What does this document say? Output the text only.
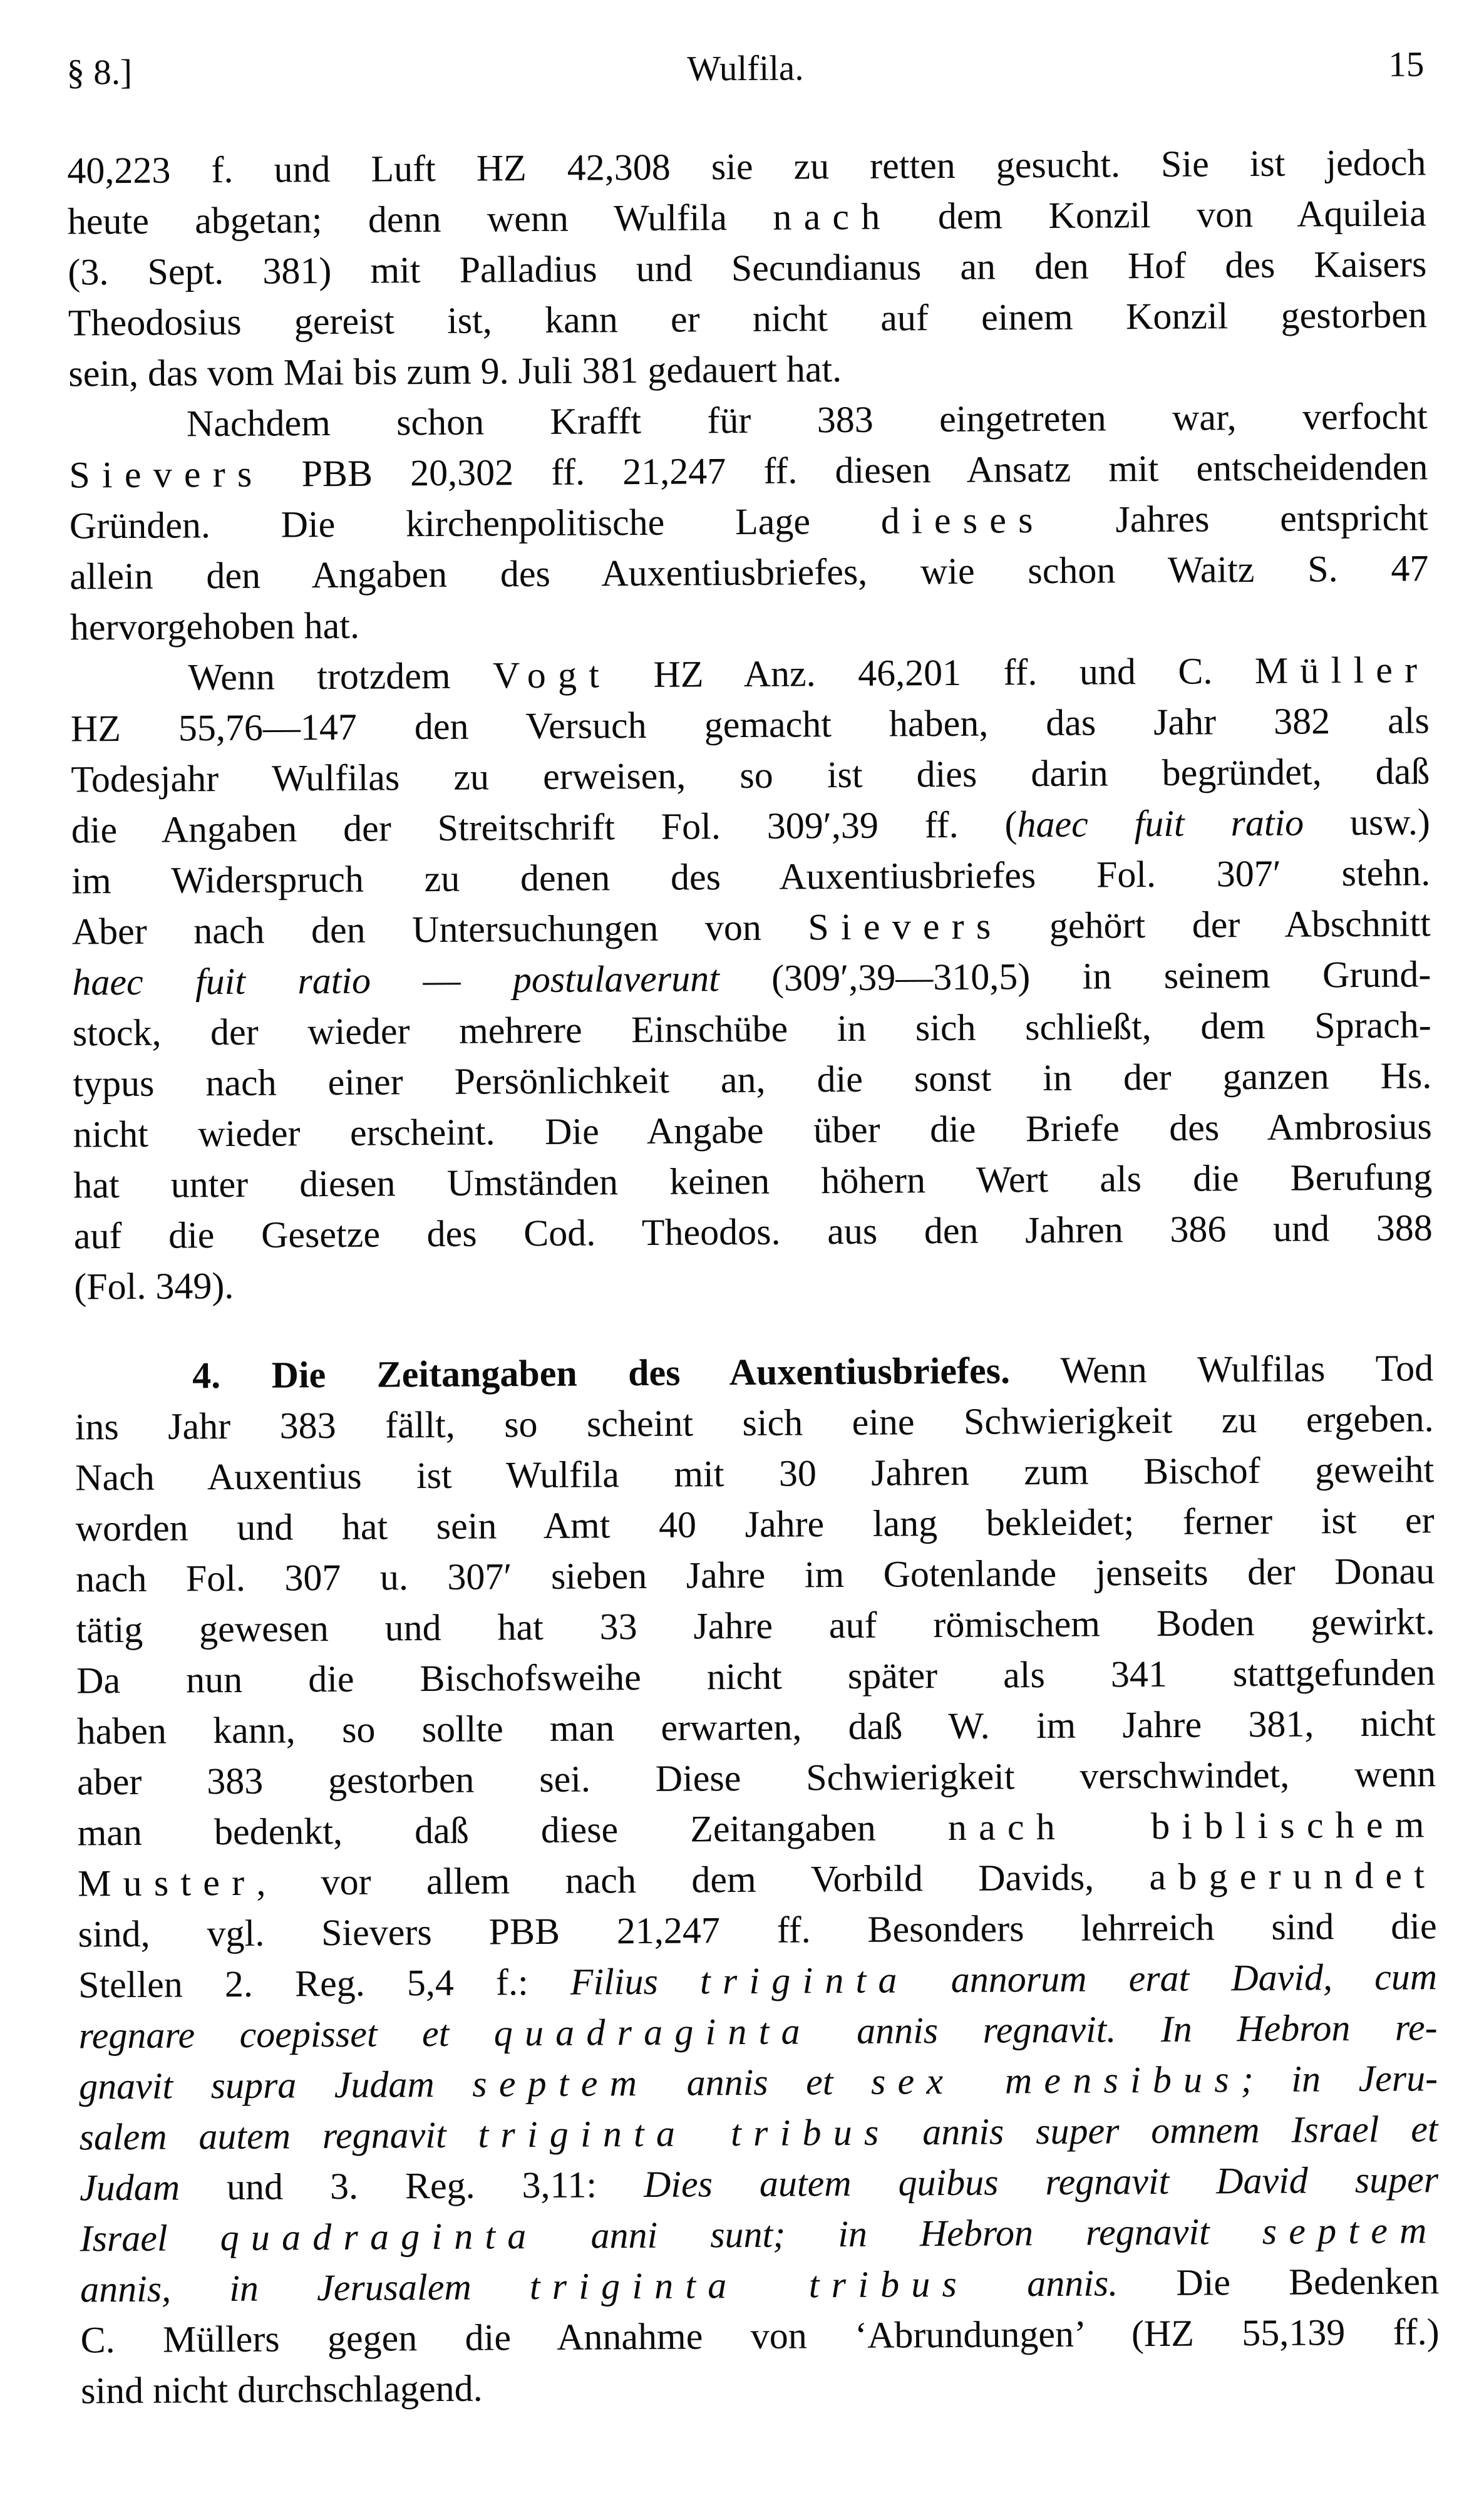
§ 8.]	Wulfila.	15
40,223 f. und Luft HZ 42,308 sie zu retten gesucht. Sie ist jedoch
heute abgetan; denn wenn Wulfila nach dem Konzil von Aquileia
(3. Sept. 381) mit Palladius und Secundianus an den Hof des Kaisers
Theodosius gereist ist, kann er nicht auf einem Konzil gestorben
sein, das vom Mai bis zum 9. Juli 381 gedauert hat.
Nachdem schon Krafft für 383 eingetreten war, verfocht
Sievers PBB 20,302 ff. 21,247 ff. diesen Ansatz mit entscheidenden
Gründen. Die kirchenpolitische Lage dieses Jahres entspricht
allein den Angaben des Auxentiusbriefes, wie schon Waitz S. 47
hervorgehoben hat.
Wenn trotzdem Vogt HZ Anz. 46,201 ff. und C. Müller
HZ 55,76—147 den Versuch gemacht haben, das Jahr 382 als
Todesjahr Wulfilas zu erweisen, so ist dies darin begründet, daß
die Angaben der Streitschrift Fol. 309′,39 ff. (haec fuit ratio usw.)
im Widerspruch zu denen des Auxentiusbriefes Fol. 307′ stehn.
Aber nach den Untersuchungen von Sievers gehört der Abschnitt
haec fuit ratio — postulaverunt (309′,39—310,5) in seinem Grund-
stock, der wieder mehrere Einschübe in sich schließt, dem Sprach-
typus nach einer Persönlichkeit an, die sonst in der ganzen Hs.
nicht wieder erscheint. Die Angabe über die Briefe des Ambrosius
hat unter diesen Umständen keinen höhern Wert als die Berufung
auf die Gesetze des Cod. Theodos. aus den Jahren 386 und 388
(Fol. 349).
4. Die Zeitangaben des Auxentiusbriefes. Wenn Wulfilas Tod
ins Jahr 383 fällt, so scheint sich eine Schwierigkeit zu ergeben.
Nach Auxentius ist Wulfila mit 30 Jahren zum Bischof geweiht
worden und hat sein Amt 40 Jahre lang bekleidet; ferner ist er
nach Fol. 307 u. 307′ sieben Jahre im Gotenlande jenseits der Donau
tätig gewesen und hat 33 Jahre auf römischem Boden gewirkt.
Da nun die Bischofsweihe nicht später als 341 stattgefunden
haben kann, so sollte man erwarten, daß W. im Jahre 381, nicht
aber 383 gestorben sei. Diese Schwierigkeit verschwindet, wenn
man bedenkt, daß diese Zeitangaben nach biblischem
Muster, vor allem nach dem Vorbild Davids, abgerundet
sind, vgl. Sievers PBB 21,247 ff. Besonders lehrreich sind die
Stellen 2. Reg. 5,4 f.: Filius triginta annorum erat David, cum
regnare coepisset et quadraginta annis regnavit. In Hebron re-
gnavit supra Judam septem annis et sex mensibus; in Jeru-
salem autem regnavit triginta tribus annis super omnem Israel et
Judam und 3. Reg. 3,11: Dies autem quibus regnavit David super
Israel quadraginta anni sunt; in Hebron regnavit septem
annis, in Jerusalem triginta tribus annis. Die Bedenken
C. Müllers gegen die Annahme von ‘Abrundungen’ (HZ 55,139 ff.)
sind nicht durchschlagend.
